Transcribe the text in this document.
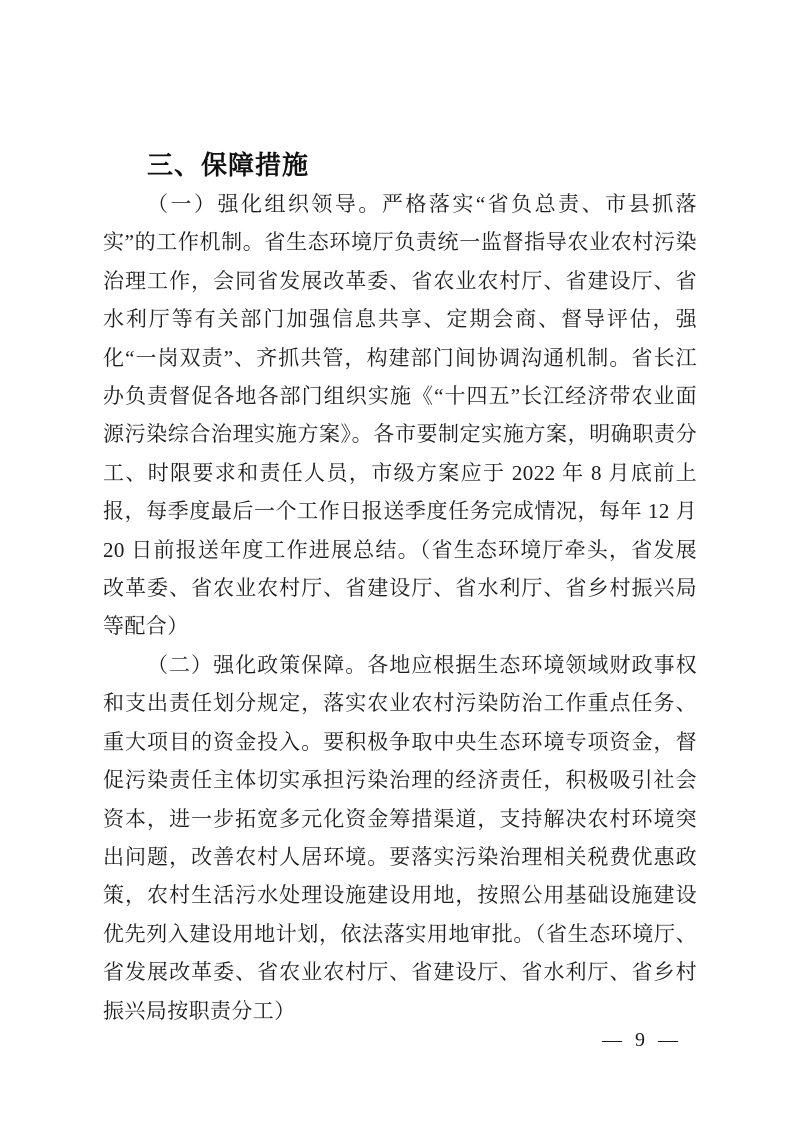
三、保障措施

（一）强化组织领导。严格落实“省负总责、市县抓落实”的工作机制。省生态环境厅负责统一监督指导农业农村污染治理工作，会同省发展改革委、省农业农村厅、省建设厅、省水利厅等有关部门加强信息共享、定期会商、督导评估，强化“一岗双责”、齐抓共管，构建部门间协调沟通机制。省长江办负责督促各地各部门组织实施《“十四五”长江经济带农业面源污染综合治理实施方案》。各市要制定实施方案，明确职责分工、时限要求和责任人员，市级方案应于 2022 年 8 月底前上报，每季度最后一个工作日报送季度任务完成情况，每年 12 月 20 日前报送年度工作进展总结。（省生态环境厅牵头，省发展改革委、省农业农村厅、省建设厅、省水利厅、省乡村振兴局等配合）

（二）强化政策保障。各地应根据生态环境领域财政事权和支出责任划分规定，落实农业农村污染防治工作重点任务、重大项目的资金投入。要积极争取中央生态环境专项资金，督促污染责任主体切实承担污染治理的经济责任，积极吸引社会资本，进一步拓宽多元化资金筹措渠道，支持解决农村环境突出问题，改善农村人居环境。要落实污染治理相关税费优惠政策，农村生活污水处理设施建设用地，按照公用基础设施建设优先列入建设用地计划，依法落实用地审批。（省生态环境厅、省发展改革委、省农业农村厅、省建设厅、省水利厅、省乡村振兴局按职责分工）

— 9 —
